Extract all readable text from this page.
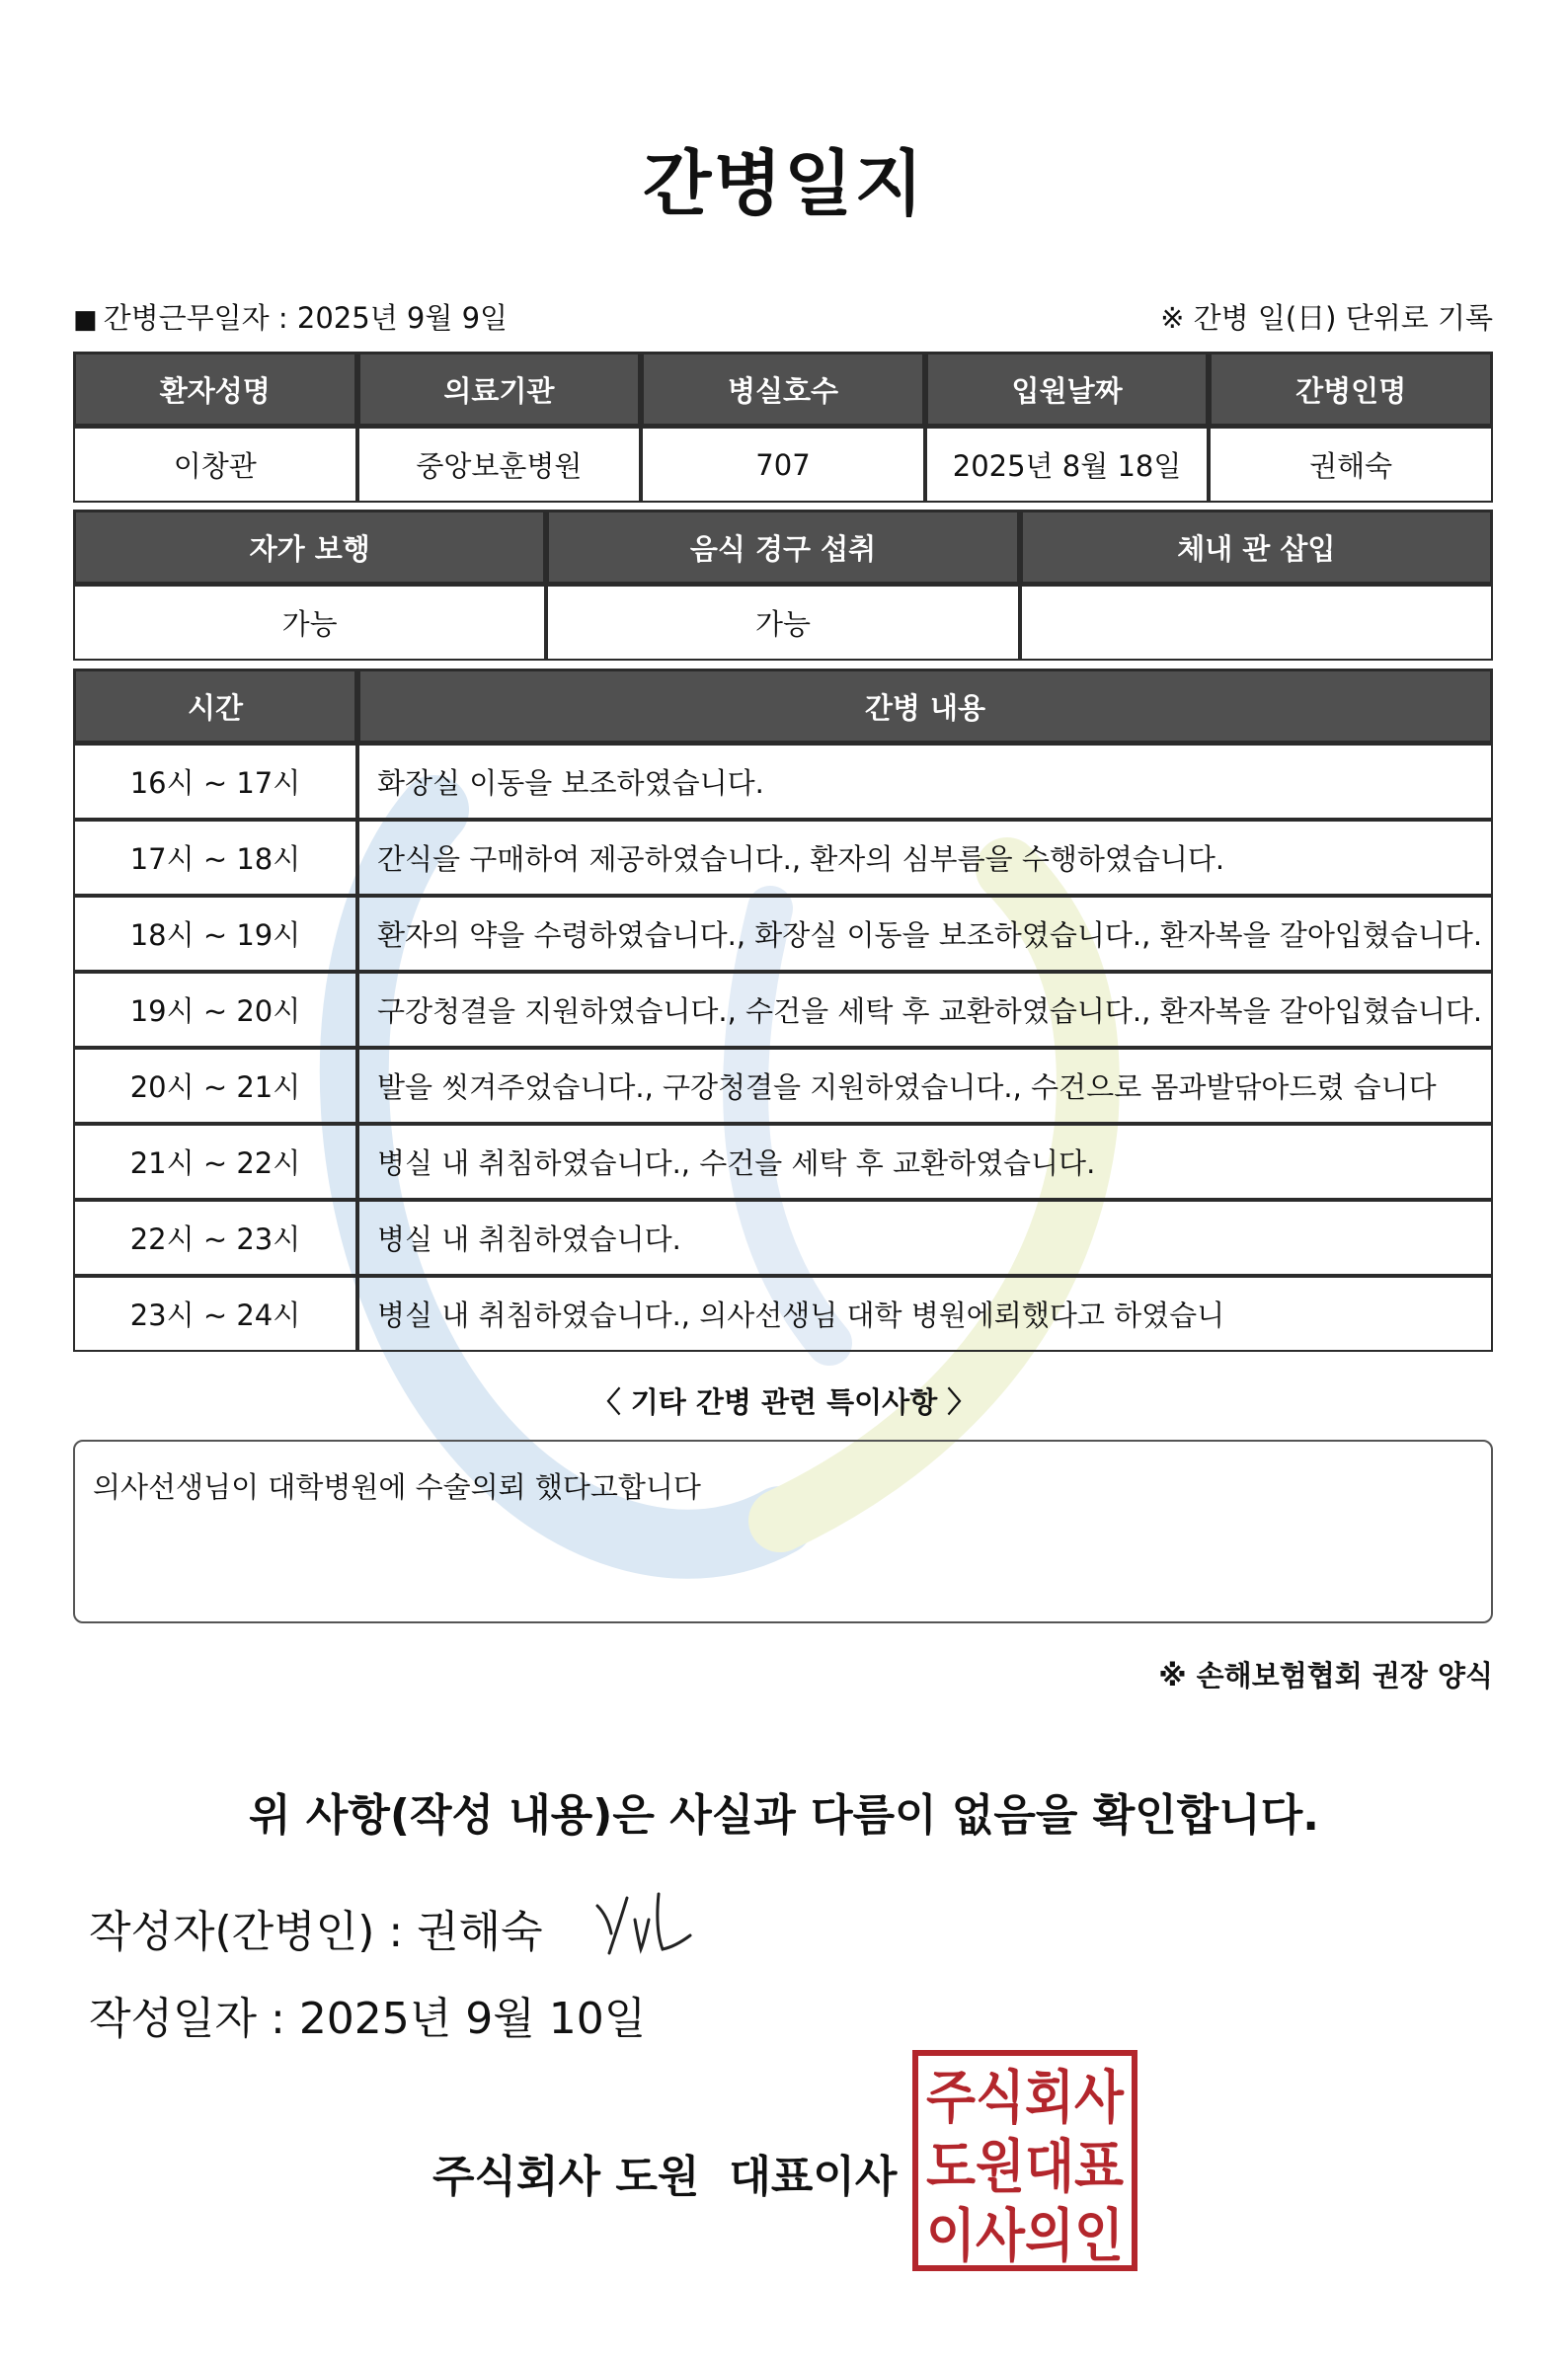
간병일지
■ 간병근무일자 : 2025년 9월 9일	※ 간병 일(日) 단위로 기록
환자성명	의료기관	병실호수	입원날짜	간병인명
이창관	중앙보훈병원	707	2025년 8월 18일	권해숙
자가 보행	음식 경구 섭취	체내 관 삽입
가능	가능	
시간	간병 내용
16시 ~ 17시	화장실 이동을 보조하였습니다.
17시 ~ 18시	간식을 구매하여 제공하였습니다., 환자의 심부름을 수행하였습니다.
18시 ~ 19시	환자의 약을 수령하였습니다., 화장실 이동을 보조하였습니다., 환자복을 갈아입혔습니다.
19시 ~ 20시	구강청결을 지원하였습니다., 수건을 세탁 후 교환하였습니다., 환자복을 갈아입혔습니다.
20시 ~ 21시	발을 씻겨주었습니다., 구강청결을 지원하였습니다., 수건으로 몸과발닦아드렸 습니다
21시 ~ 22시	병실 내 취침하였습니다., 수건을 세탁 후 교환하였습니다.
22시 ~ 23시	병실 내 취침하였습니다.
23시 ~ 24시	병실 내 취침하였습니다., 의사선생님 대학 병원에뢰했다고 하였습니
〈 기타 간병 관련 특이사항 〉
의사선생님이 대학병원에 수술의뢰 했다고합니다
※ 손해보험협회 권장 양식
위 사항(작성 내용)은 사실과 다름이 없음을 확인합니다.
작성자(간병인) : 권해숙
작성일자 : 2025년 9월 10일
주식회사 도원 대표이사
주식회사
도원대표
이사의인
